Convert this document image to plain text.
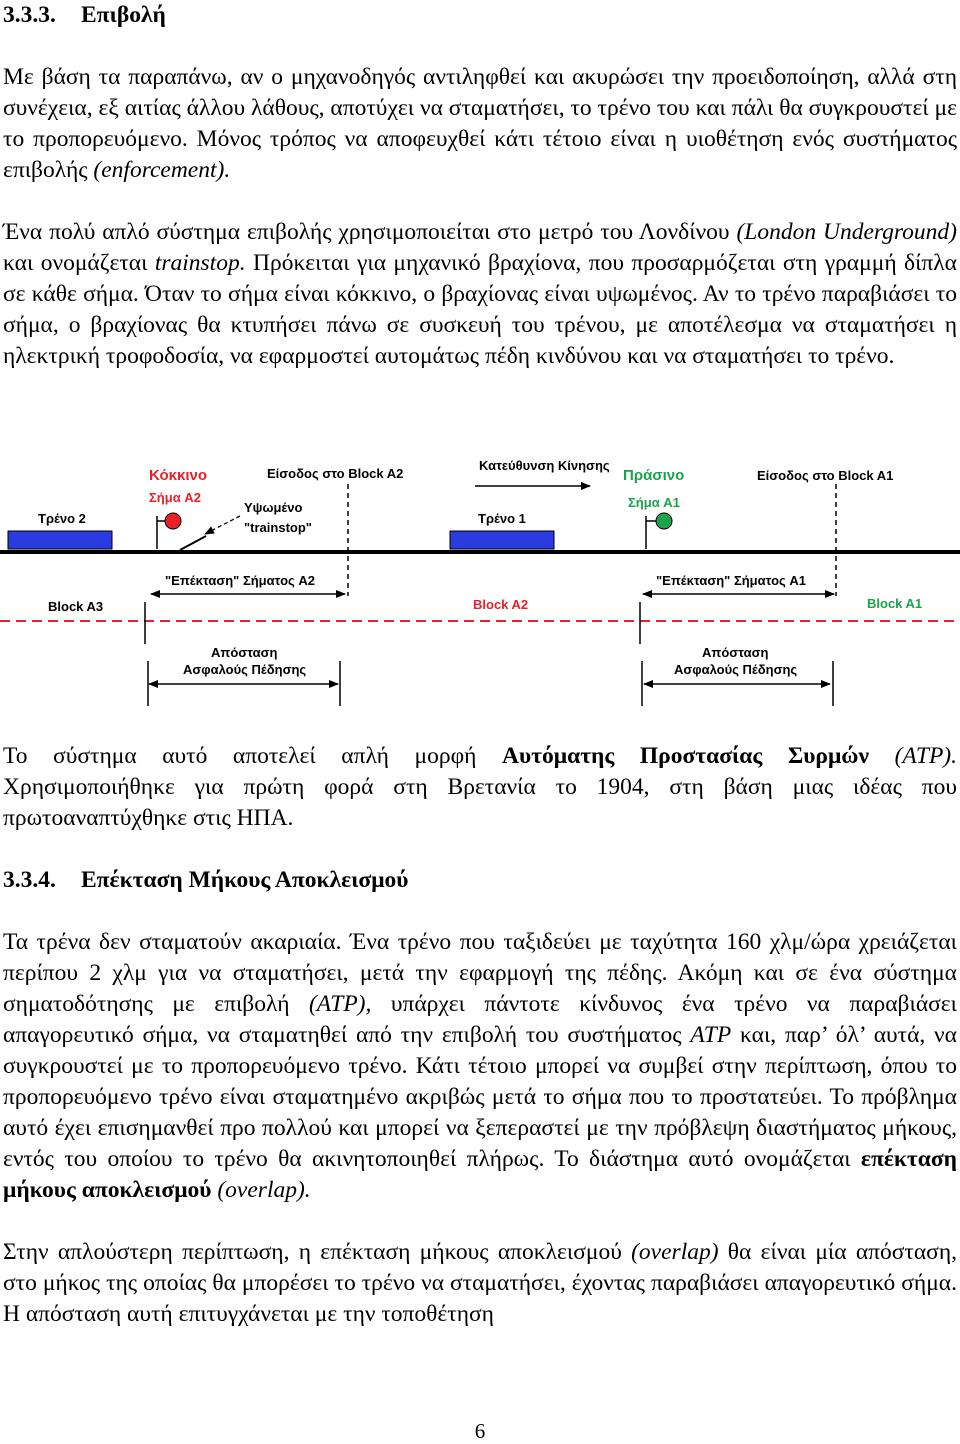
3.3.3. Επιβολή

Με βάση τα παραπάνω, αν ο μηχανοδηγός αντιληφθεί και ακυρώσει την προειδοποίηση, αλλά στη συνέχεια, εξ αιτίας άλλου λάθους, αποτύχει να σταματήσει, το τρένο του και πάλι θα συγκρουστεί με το προπορευόμενο. Μόνος τρόπος να αποφευχθεί κάτι τέτοιο είναι η υιοθέτηση ενός συστήματος επιβολής (enforcement).

Ένα πολύ απλό σύστημα επιβολής χρησιμοποιείται στο μετρό του Λονδίνου (London Underground) και ονομάζεται trainstop. Πρόκειται για μηχανικό βραχίονα, που προσαρμόζεται στη γραμμή δίπλα σε κάθε σήμα. Όταν το σήμα είναι κόκκινο, ο βραχίονας είναι υψωμένος. Αν το τρένο παραβιάσει το σήμα, ο βραχίονας θα κτυπήσει πάνω σε συσκευή του τρένου, με αποτέλεσμα να σταματήσει η ηλεκτρική τροφοδοσία, να εφαρμοστεί αυτομάτως πέδη κινδύνου και να σταματήσει το τρένο.

Κόκκινο
Σήμα A2
Είσοδος στο Block A2
Κατεύθυνση Κίνησης
Πράσινο
Σήμα A1
Είσοδος στο Block A1
Τρένο 2
Υψωμένο
"trainstop"
Τρένο 1
"Επέκταση" Σήματος A2	"Επέκταση" Σήματος A1
Block A3	Block A2	Block A1
Απόσταση
Ασφαλούς Πέδησης
Απόσταση
Ασφαλούς Πέδησης

Το σύστημα αυτό αποτελεί απλή μορφή Αυτόματης Προστασίας Συρμών (ATP). Χρησιμοποιήθηκε για πρώτη φορά στη Βρετανία το 1904, στη βάση μιας ιδέας που πρωτοαναπτύχθηκε στις ΗΠΑ.

3.3.4. Επέκταση Μήκους Αποκλεισμού

Τα τρένα δεν σταματούν ακαριαία. Ένα τρένο που ταξιδεύει με ταχύτητα 160 χλμ/ώρα χρειάζεται περίπου 2 χλμ για να σταματήσει, μετά την εφαρμογή της πέδης. Ακόμη και σε ένα σύστημα σηματοδότησης με επιβολή (ATP), υπάρχει πάντοτε κίνδυνος ένα τρένο να παραβιάσει απαγορευτικό σήμα, να σταματηθεί από την επιβολή του συστήματος ATP και, παρ’ όλ’ αυτά, να συγκρουστεί με το προπορευόμενο τρένο. Κάτι τέτοιο μπορεί να συμβεί στην περίπτωση, όπου το προπορευόμενο τρένο είναι σταματημένο ακριβώς μετά το σήμα που το προστατεύει. Το πρόβλημα αυτό έχει επισημανθεί προ πολλού και μπορεί να ξεπεραστεί με την πρόβλεψη διαστήματος μήκους, εντός του οποίου το τρένο θα ακινητοποιηθεί πλήρως. Το διάστημα αυτό ονομάζεται επέκταση μήκους αποκλεισμού (overlap).

Στην απλούστερη περίπτωση, η επέκταση μήκους αποκλεισμού (overlap) θα είναι μία απόσταση, στο μήκος της οποίας θα μπορέσει το τρένο να σταματήσει, έχοντας παραβιάσει απαγορευτικό σήμα. Η απόσταση αυτή επιτυγχάνεται με την τοποθέτηση

6
